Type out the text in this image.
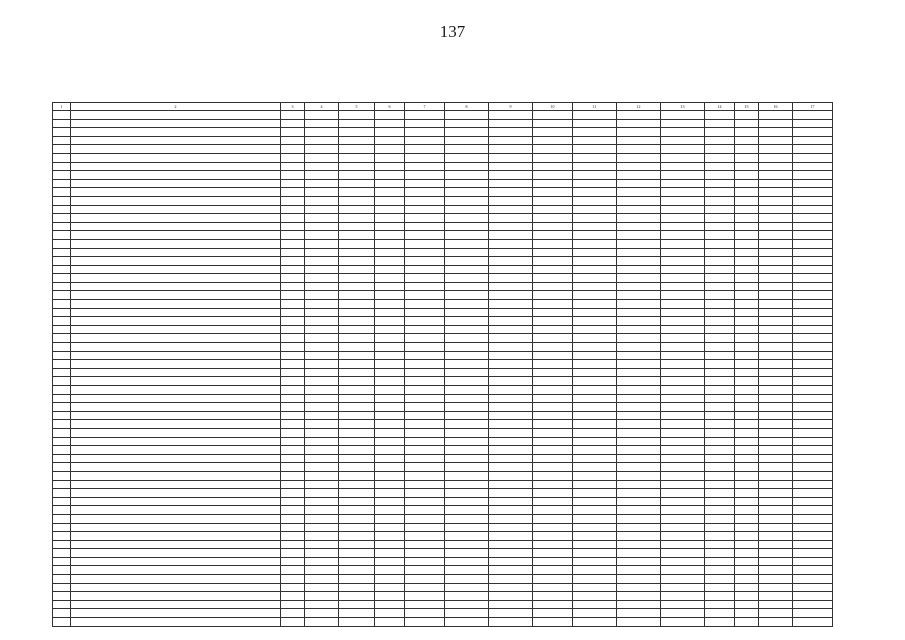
137
1	2	3	4	5	6	7	8	9	10	11	12	13	14	15	16	17
